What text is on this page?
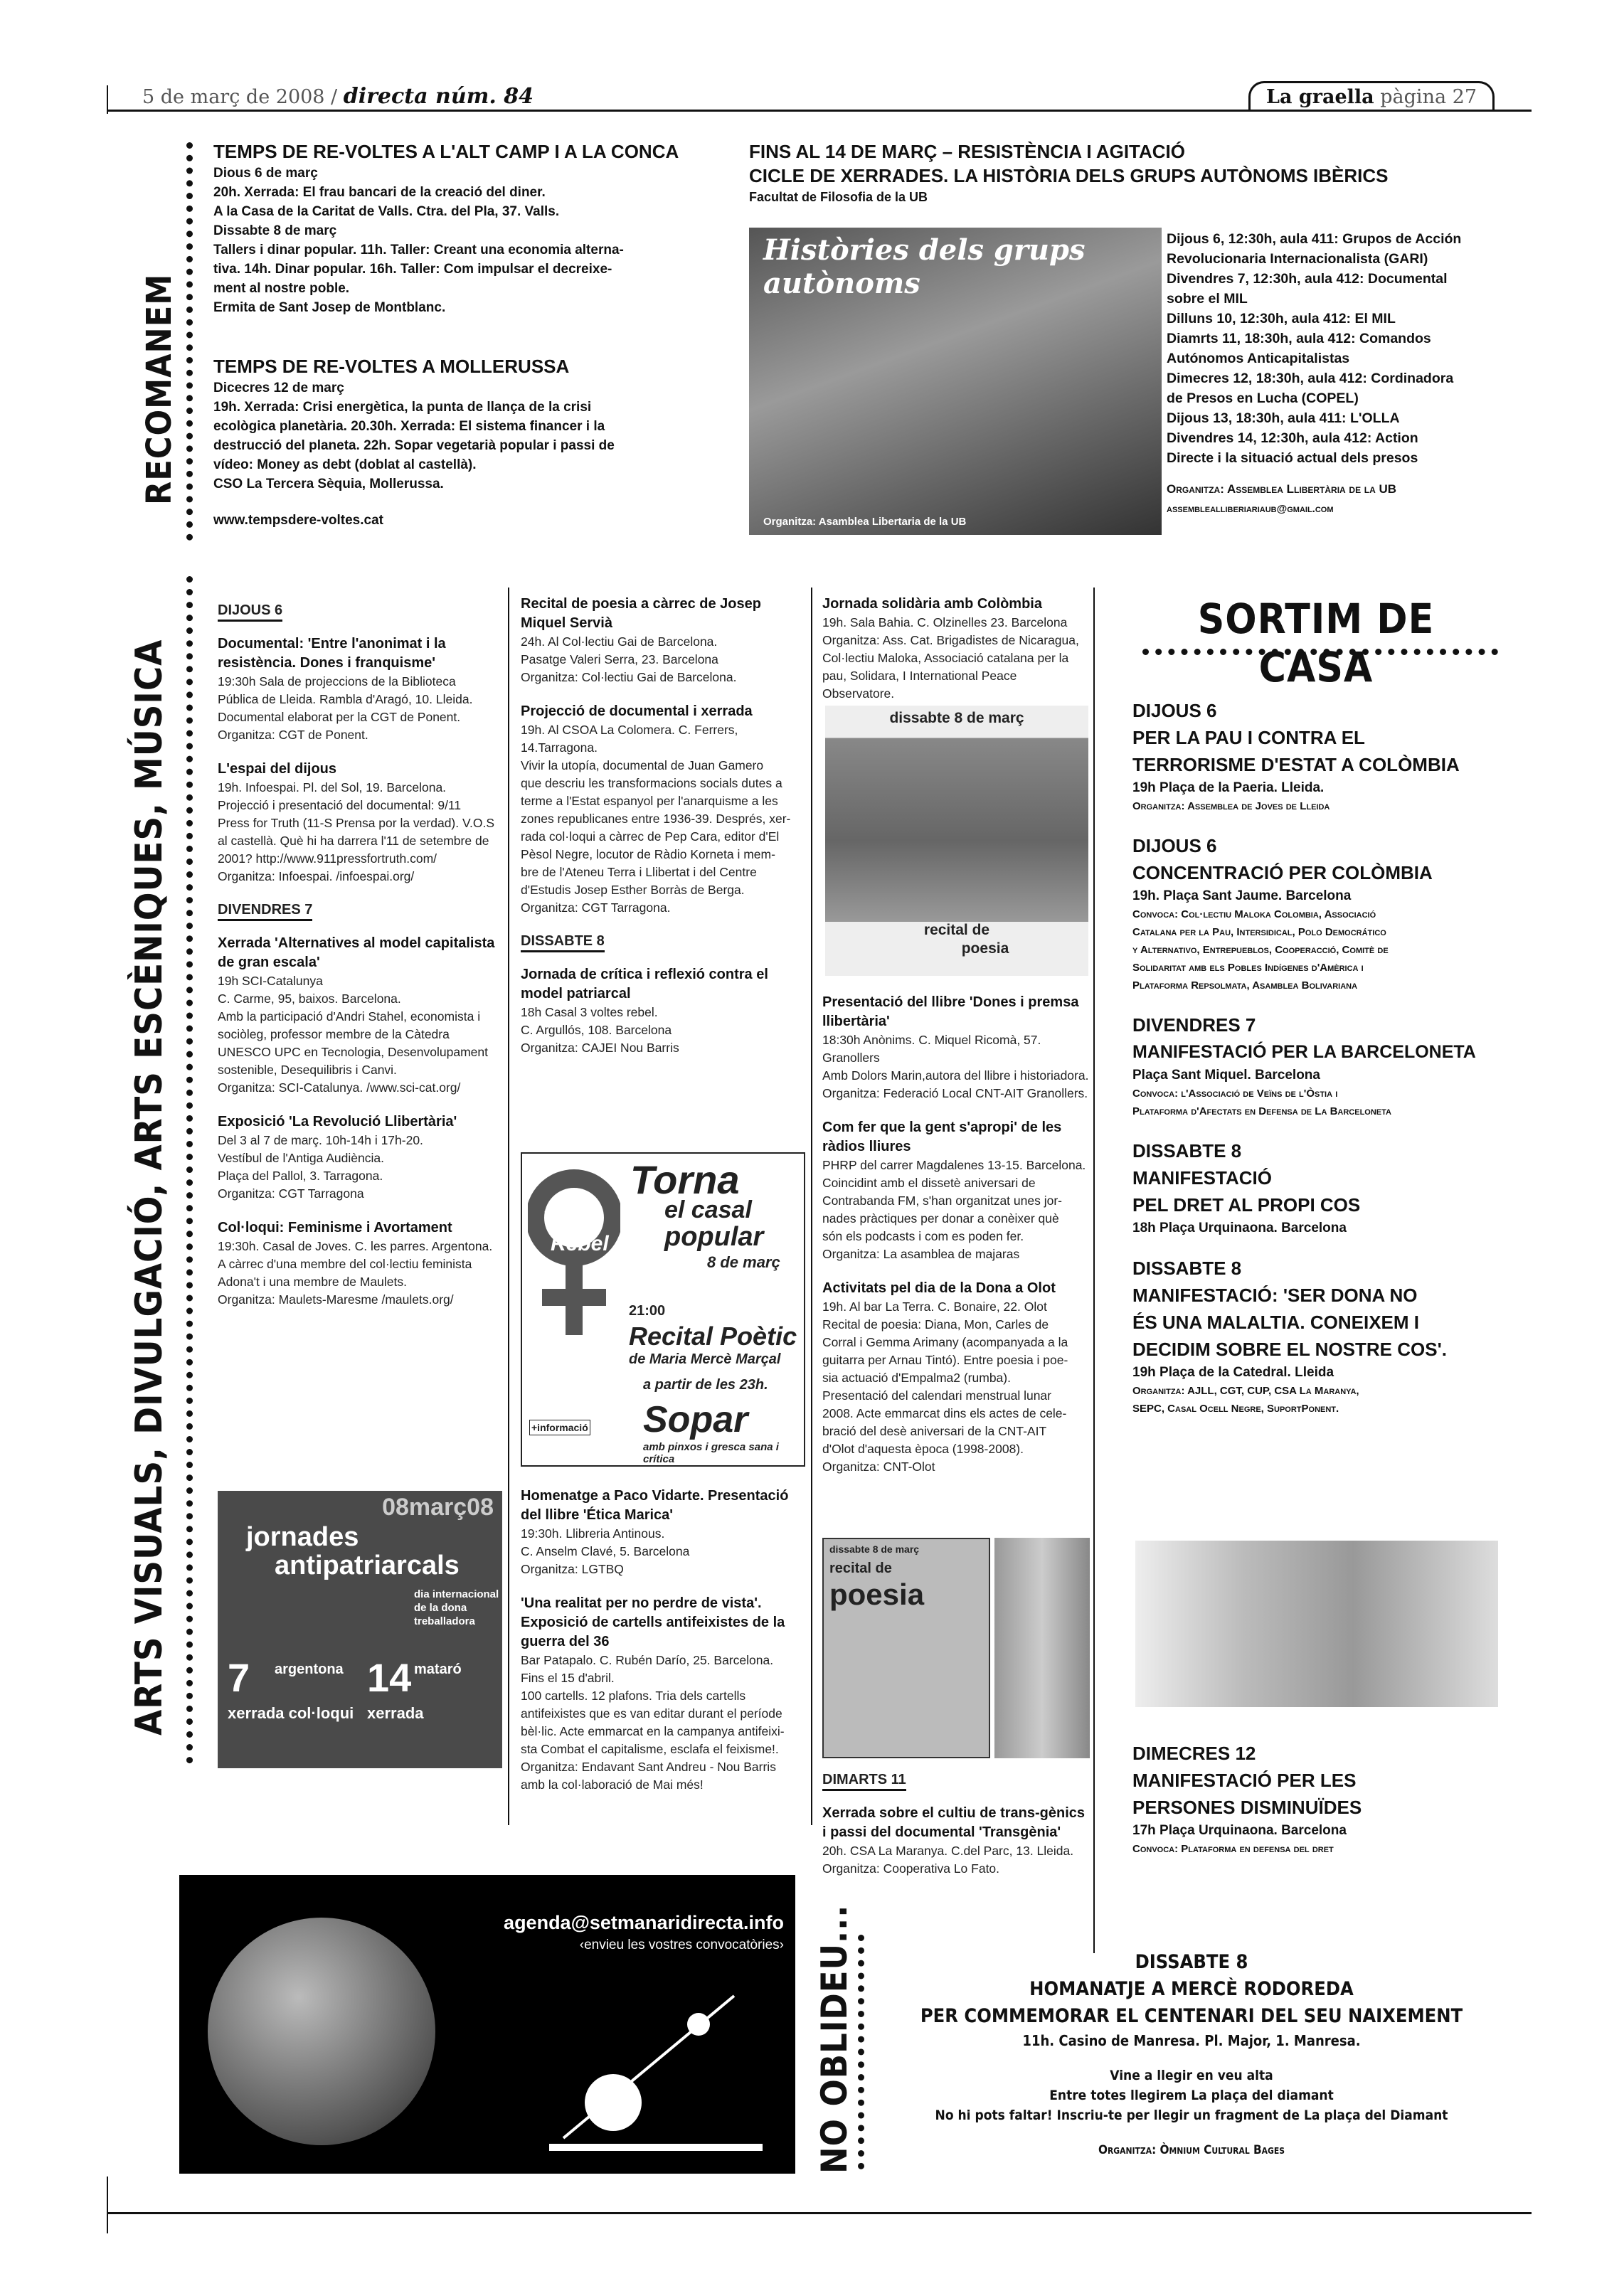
5 de març de 2008 / directa núm. 84	La graella pàgina 27
RECOMANEM
TEMPS DE RE-VOLTES A L'ALT CAMP I A LA CONCA
Dious 6 de març
20h. Xerrada: El frau bancari de la creació del diner.
A la Casa de la Caritat de Valls. Ctra. del Pla, 37. Valls.
Dissabte 8 de març
Tallers i dinar popular. 11h. Taller: Creant una economia alterna-
tiva. 14h. Dinar popular. 16h. Taller: Com impulsar el decreixe-
ment al nostre poble.
Ermita de Sant Josep de Montblanc.
TEMPS DE RE-VOLTES A MOLLERUSSA
Dicecres 12 de març
19h. Xerrada: Crisi energètica, la punta de llança de la crisi
ecològica planetària. 20.30h. Xerrada: El sistema financer i la
destrucció del planeta. 22h. Sopar vegetarià popular i passi de
vídeo: Money as debt (doblat al castellà).
CSO La Tercera Sèquia, Mollerussa.
www.tempsdere-voltes.cat
FINS AL 14 DE MARÇ – RESISTÈNCIA I AGITACIÓ
CICLE DE XERRADES. LA HISTÒRIA DELS GRUPS AUTÒNOMS IBÈRICS
Facultat de Filosofia de la UB
Històries dels grups autònoms
Organitza: Asamblea Libertaria de la UB
Dijous 6, 12:30h, aula 411: Grupos de Acción
Revolucionaria Internacionalista (GARI)
Divendres 7, 12:30h, aula 412: Documental
sobre el MIL
Dilluns 10, 12:30h, aula 412: El MIL
Diamrts 11, 18:30h, aula 412: Comandos
Autónomos Anticapitalistas
Dimecres 12, 18:30h, aula 412: Cordinadora
de Presos en Lucha (COPEL)
Dijous 13, 18:30h, aula 411: L'OLLA
Divendres 14, 12:30h, aula 412: Action
Directe i la situació actual dels presos
Organitza: Assemblea Llibertària de la UB
assemblealliberiariaub@gmail.com
ARTS VISUALS, DIVULGACIÓ, ARTS ESCÈNIQUES, MÚSICA
DIJOUS 6
Documental: 'Entre l'anonimat i la resistència. Dones i franquisme'
19:30h Sala de projeccions de la Biblioteca
Pública de Lleida. Rambla d'Aragó, 10. Lleida.
Documental elaborat per la CGT de Ponent.
Organitza: CGT de Ponent.
L'espai del dijous
19h. Infoespai. Pl. del Sol, 19. Barcelona.
Projecció i presentació del documental: 9/11
Press for Truth (11-S Prensa por la verdad). V.O.S
al castellà. Què hi ha darrera l'11 de setembre de
2001? http://www.911pressfortruth.com/
Organitza: Infoespai. /infoespai.org/
DIVENDRES 7
Xerrada 'Alternatives al model capitalista de gran escala'
19h SCI-Catalunya
C. Carme, 95, baixos. Barcelona.
Amb la participació d'Andri Stahel, economista i
sociòleg, professor membre de la Càtedra
UNESCO UPC en Tecnologia, Desenvolupament
sostenible, Desequilibris i Canvi.
Organitza: SCI-Catalunya. /www.sci-cat.org/
Exposició 'La Revolució Llibertària'
Del 3 al 7 de març. 10h-14h i 17h-20.
Vestíbul de l'Antiga Audiència.
Plaça del Pallol, 3. Tarragona.
Organitza: CGT Tarragona
Col·loqui: Feminisme i Avortament
19:30h. Casal de Joves. C. les parres. Argentona.
A càrrec d'una membre del col·lectiu feminista
Adona't i una membre de Maulets.
Organitza: Maulets-Maresme /maulets.org/
08març08
jornades
antipatriarcals
dia internacional de la dona treballadora
7	14
argentona	mataró
xerrada col·loqui xerrada
Recital de poesia a càrrec de Josep Miquel Servià
24h. Al Col·lectiu Gai de Barcelona.
Pasatge Valeri Serra, 23. Barcelona
Organitza: Col·lectiu Gai de Barcelona.
Projecció de documental i xerrada
19h. Al CSOA La Colomera. C. Ferrers, 14.Tarragona.
Vivir la utopía, documental de Juan Gamero
que descriu les transformacions socials dutes a
terme a l'Estat espanyol per l'anarquisme a les
zones republicanes entre 1936-39. Després, xer-
rada col·loqui a càrrec de Pep Cara, editor d'El
Pèsol Negre, locutor de Ràdio Korneta i mem-
bre de l'Ateneu Terra i Llibertat i del Centre
d'Estudis Josep Esther Borràs de Berga.
Organitza: CGT Tarragona.
DISSABTE 8
Jornada de crítica i reflexió contra el model patriarcal
18h Casal 3 voltes rebel.
C. Argullós, 108. Barcelona
Organitza: CAJEI Nou Barris
Torna
el casal
popular
8 de març
voltes
Rebel
21:00
Recital Poètic
de Maria Mercè Marçal
a partir de les 23h.
Sopar
amb pinxos i gresca sana i crítica
+informació
Homenatge a Paco Vidarte. Presentació del llibre 'Ética Marica'
19:30h. Llibreria Antinous.
C. Anselm Clavé, 5. Barcelona
Organitza: LGTBQ
'Una realitat per no perdre de vista'. Exposició de cartells antifeixistes de la guerra del 36
Bar Patapalo. C. Rubén Darío, 25. Barcelona.
Fins el 15 d'abril.
100 cartells. 12 plafons. Tria dels cartells
antifeixistes que es van editar durant el període
bèl·lic. Acte emmarcat en la campanya antifeixi-
sta Combat el capitalisme, esclafa el feixisme!.
Organitza: Endavant Sant Andreu - Nou Barris
amb la col·laboració de Mai més!
Jornada solidària amb Colòmbia
19h. Sala Bahia. C. Olzinelles 23. Barcelona
Organitza: Ass. Cat. Brigadistes de Nicaragua,
Col·lectiu Maloka, Associació catalana per la
pau, Solidara, I International Peace Observatore.
dissabte 8 de març
recital de
poesia
Presentació del llibre 'Dones i premsa llibertària'
18:30h Anònims. C. Miquel Ricomà, 57. Granollers
Amb Dolors Marin,autora del llibre i historiadora.
Organitza: Federació Local CNT-AIT Granollers.
Com fer que la gent s'apropi' de les ràdios lliures
PHRP del carrer Magdalenes 13-15. Barcelona.
Coincidint amb el dissetè aniversari de
Contrabanda FM, s'han organitzat unes jor-
nades pràctiques per donar a conèixer què
són els podcasts i com es poden fer.
Organitza: La asamblea de majaras
Activitats pel dia de la Dona a Olot
19h. Al bar La Terra. C. Bonaire, 22. Olot
Recital de poesia: Diana, Mon, Carles de
Corral i Gemma Arimany (acompanyada a la
guitarra per Arnau Tintó). Entre poesia i poe-
sia actuació d'Empalma2 (rumba).
Presentació del calendari menstrual lunar
2008. Acte emmarcat dins els actes de cele-
bració del desè aniversari de la CNT-AIT
d'Olot d'aquesta època (1998-2008).
Organitza: CNT-Olot
dissabte 8 de març
recital de
poesia
DIMARTS 11
Xerrada sobre el cultiu de trans-gènics i passi del documental 'Transgènia'
20h. CSA La Maranya. C.del Parc, 13. Lleida.
Organitza: Cooperativa Lo Fato.
SORTIM DE CASA
DIJOUS 6
PER LA PAU I CONTRA EL
TERRORISME D'ESTAT A COLÒMBIA
19h Plaça de la Paeria. Lleida.
Organitza: Assemblea de Joves de Lleida
DIJOUS 6
CONCENTRACIÓ PER COLÒMBIA
19h. Plaça Sant Jaume. Barcelona
Convoca: Col·lectiu Maloka Colombia, Associació
Catalana per la Pau, Intersidical, Polo Democrático
y Alternativo, Entrepueblos, Cooperacció, Comitè de
Solidaritat amb els Pobles Indígenes d'Amèrica i
Plataforma Repsolmata, Asamblea Bolivariana
DIVENDRES 7
MANIFESTACIÓ PER LA BARCELONETA
Plaça Sant Miquel. Barcelona
Convoca: l'Associació de Veïns de l'Òstia i
Plataforma d'Afectats en Defensa de La Barceloneta
DISSABTE 8
MANIFESTACIÓ
PEL DRET AL PROPI COS
18h Plaça Urquinaona. Barcelona
DISSABTE 8
MANIFESTACIÓ: 'SER DONA NO
ÉS UNA MALALTIA. CONEIXEM I
DECIDIM SOBRE EL NOSTRE COS'.
19h Plaça de la Catedral. Lleida
Organitza: AJLL, CGT, CUP, CSA La Maranya,
SEPC, Casal Ocell Negre, SuportPonent.
DIMECRES 12
MANIFESTACIÓ PER LES
PERSONES DISMINUÏDES
17h Plaça Urquinaona. Barcelona
Convoca: Plataforma en defensa del dret
agenda@setmanaridirecta.info
‹envieu les vostres convocatòries› NO OBLIDEU...	DISSABTE 8
HOMANATJE A MERCÈ RODOREDA
PER COMMEMORAR EL CENTENARI DEL SEU NAIXEMENT
11h. Casino de Manresa. Pl. Major, 1. Manresa.
Vine a llegir en veu alta
Entre totes llegirem La plaça del diamant
No hi pots faltar! Inscriu-te per llegir un fragment de La plaça del Diamant
Organitza: Òmnium Cultural Bages
